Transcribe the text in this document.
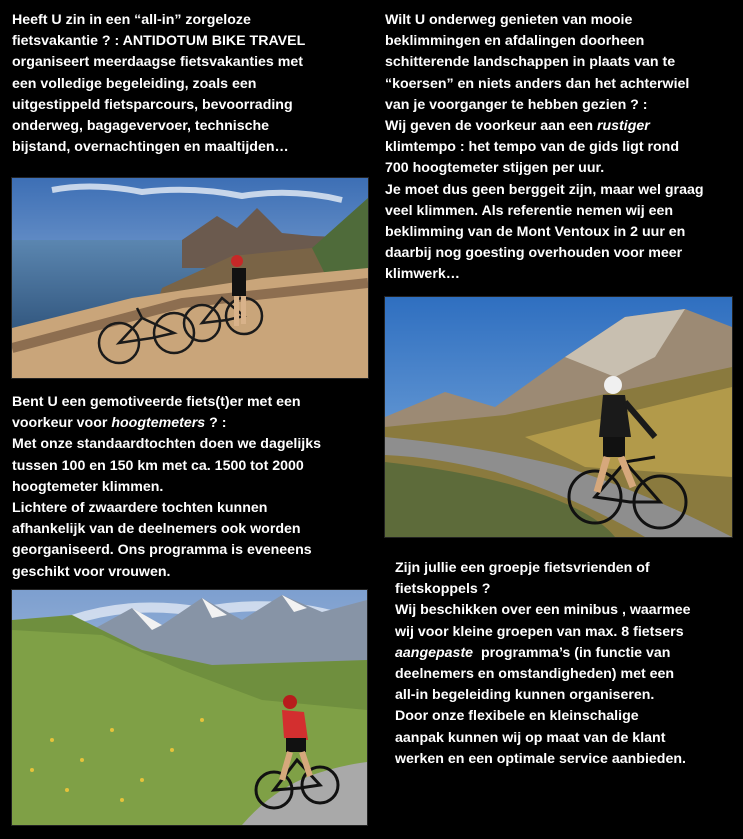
Heeft U zin in een “all-in” zorgeloze
fietsvakantie ? : ANTIDOTUM BIKE TRAVEL
organiseert meerdaagse fietsvakanties met
een volledige begeleiding, zoals een
uitgestippeld fietsparcours, bevoorrading
onderweg, bagagevervoer, technische
bijstand, overnachtingen en maaltijden…
Wilt U onderweg genieten van mooie
beklimmingen en afdalingen doorheen
schitterende landschappen in plaats van te
“koersen” en niets anders dan het achterwiel
van je voorganger te hebben gezien ? :
Wij geven de voorkeur aan een rustiger
klimtempo : het tempo van de gids ligt rond
700 hoogtemeter stijgen per uur.
Je moet dus geen berggeit zijn, maar wel graag
veel klimmen. Als referentie nemen wij een
beklimming van de Mont Ventoux in 2 uur en
daarbij nog goesting overhouden voor meer
klimwerk…
Bent U een gemotiveerde fiets(t)er met een
voorkeur voor hoogtemeters ? :
Met onze standaardtochten doen we dagelijks
tussen 100 en 150 km met ca. 1500 tot 2000
hoogtemeter klimmen.
Lichtere of zwaardere tochten kunnen
afhankelijk van de deelnemers ook worden
georganiseerd. Ons programma is eveneens
geschikt voor vrouwen.	Zijn jullie een groepje fietsvrienden of
fietskoppels ?
Wij beschikken over een minibus , waarmee
wij voor kleine groepen van max. 8 fietsers
aangepaste  programma’s (in functie van
deelnemers en omstandigheden) met een
all-in begeleiding kunnen organiseren.
Door onze flexibele en kleinschalige
aanpak kunnen wij op maat van de klant
werken en een optimale service aanbieden.
